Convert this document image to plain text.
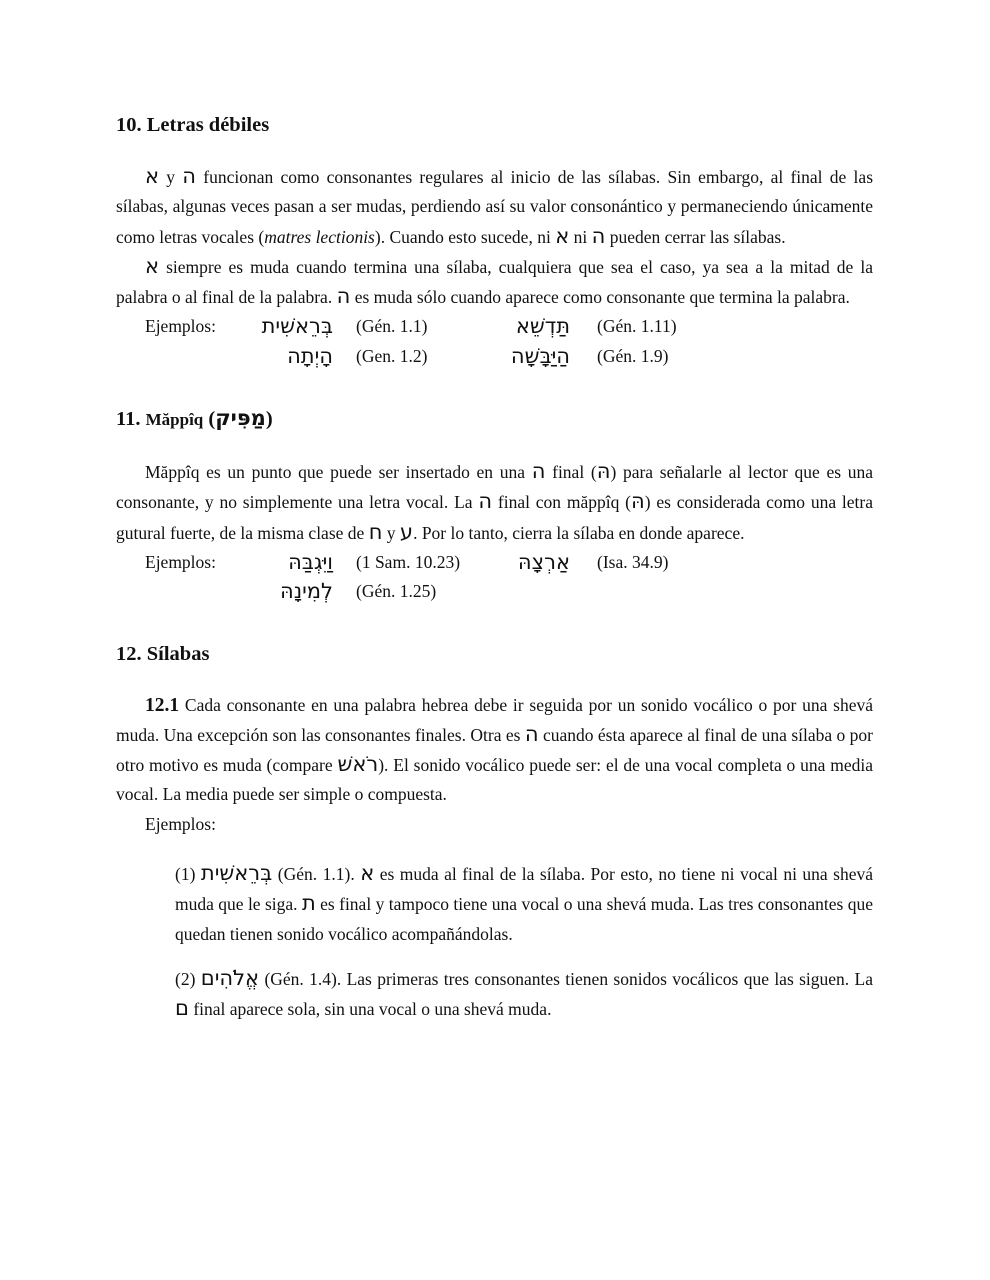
10. Letras débiles

א y ה funcionan como consonantes regulares al inicio de las sílabas. Sin embargo, al final de las sílabas, algunas veces pasan a ser mudas, perdiendo así su valor consonántico y permaneciendo únicamente como letras vocales (matres lectionis). Cuando esto sucede, ni א ni ה pueden cerrar las sílabas.

א siempre es muda cuando termina una sílaba, cualquiera que sea el caso, ya sea a la mitad de la palabra o al final de la palabra. ה es muda sólo cuando aparece como consonante que termina la palabra.

Ejemplos: בְּרֵאשִׁית (Gén. 1.1)	תַּדְשֵׁא (Gén. 1.11)
הָיְתָה (Gen. 1.2)	הַיַּבָּשָׁה (Gén. 1.9)
11. Măppîq (מַפִּיק)

Măppîq es un punto que puede ser insertado en una ה final (הּ) para señalarle al lector que es una consonante, y no simplemente una letra vocal. La ה final con măppîq (הּ) es considerada como una letra gutural fuerte, de la misma clase de ח y ע. Por lo tanto, cierra la sílaba en donde aparece.

Ejemplos:	וַיִּגְבַּהּ (1 Sam. 10.23)	אַרְצָהּ (Isa. 34.9)
לְמִינָהּ (Gén. 1.25)
12. Sílabas

12.1 Cada consonante en una palabra hebrea debe ir seguida por un sonido vocálico o por una shevá muda. Una excepción son las consonantes finales. Otra es ה cuando ésta aparece al final de una sílaba o por otro motivo es muda (compare רֹאשׁ). El sonido vocálico puede ser: el de una vocal completa o una media vocal. La media puede ser simple o compuesta.

Ejemplos:

(1) בְּרֵאשִׁית (Gén. 1.1). א es muda al final de la sílaba. Por esto, no tiene ni vocal ni una shevá muda que le siga. ת es final y tampoco tiene una vocal o una shevá muda. Las tres consonantes que quedan tienen sonido vocálico acompañándolas.

(2) אֱלֹהִים (Gén. 1.4). Las primeras tres consonantes tienen sonidos vocálicos que las siguen. La ם final aparece sola, sin una vocal o una shevá muda.
